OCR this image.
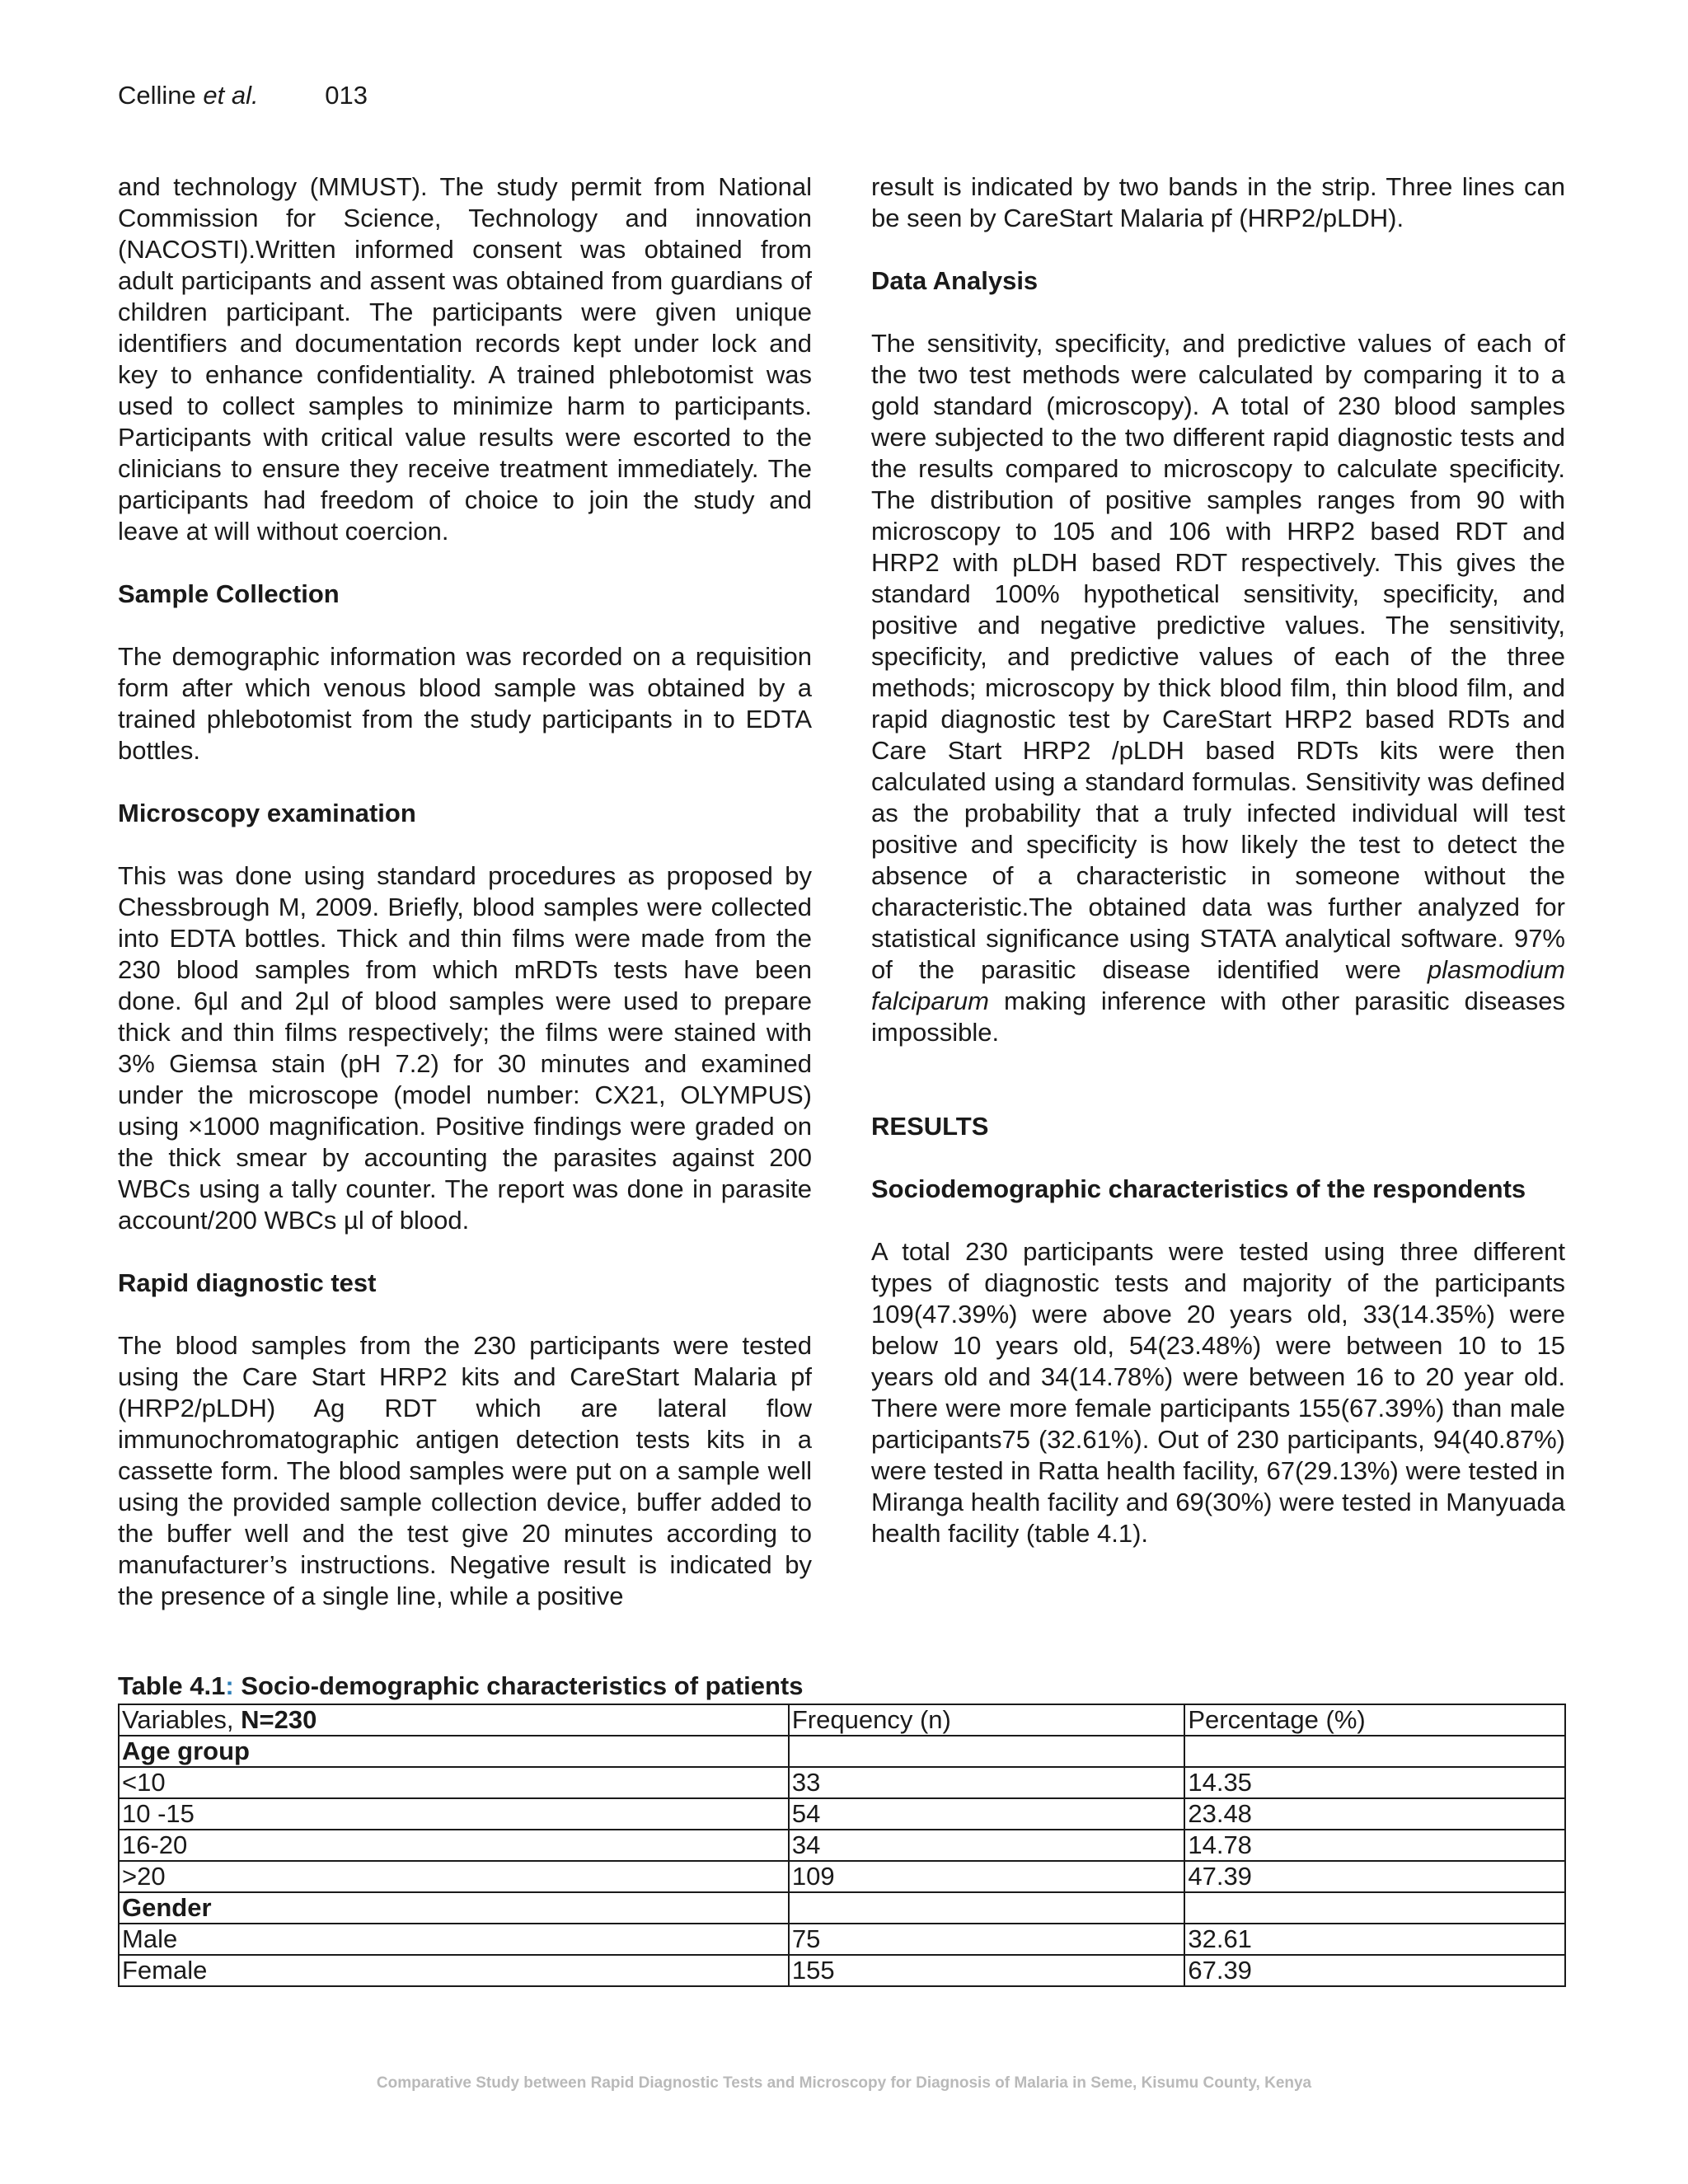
Celline et al.	013

and technology (MMUST). The study permit from National Commission for Science, Technology and innovation (NACOSTI).Written informed consent was obtained from adult participants and assent was obtained from guardians of children participant. The participants were given unique identifiers and documentation records kept under lock and key to enhance confidentiality. A trained phlebotomist was used to collect samples to minimize harm to participants. Participants with critical value results were escorted to the clinicians to ensure they receive treatment immediately. The participants had freedom of choice to join the study and leave at will without coercion.

Sample Collection

The demographic information was recorded on a requisition form after which venous blood sample was obtained by a trained phlebotomist from the study participants in to EDTA bottles.

Microscopy examination

This was done using standard procedures as proposed by Chessbrough M, 2009. Briefly, blood samples were collected into EDTA bottles. Thick and thin films were made from the 230 blood samples from which mRDTs tests have been done. 6µl and 2µl of blood samples were used to prepare thick and thin films respectively; the films were stained with 3% Giemsa stain (pH 7.2) for 30 minutes and examined under the microscope (model number: CX21, OLYMPUS) using ×1000 magnification. Positive findings were graded on the thick smear by accounting the parasites against 200 WBCs using a tally counter. The report was done in parasite account/200 WBCs µl of blood.

Rapid diagnostic test

The blood samples from the 230 participants were tested using the Care Start HRP2 kits and CareStart Malaria pf (HRP2/pLDH) Ag RDT which are lateral flow immunochromatographic antigen detection tests kits in a cassette form. The blood samples were put on a sample well using the provided sample collection device, buffer added to the buffer well and the test give 20 minutes according to manufacturer’s instructions. Negative result is indicated by the presence of a single line, while a positive

result is indicated by two bands in the strip. Three lines can be seen by CareStart Malaria pf (HRP2/pLDH).

Data Analysis

The sensitivity, specificity, and predictive values of each of the two test methods were calculated by comparing it to a gold standard (microscopy). A total of 230 blood samples were subjected to the two different rapid diagnostic tests and the results compared to microscopy to calculate specificity. The distribution of positive samples ranges from 90 with microscopy to 105 and 106 with HRP2 based RDT and HRP2 with pLDH based RDT respectively. This gives the standard 100% hypothetical sensitivity, specificity, and positive and negative predictive values. The sensitivity, specificity, and predictive values of each of the three methods; microscopy by thick blood film, thin blood film, and rapid diagnostic test by CareStart HRP2 based RDTs and Care Start HRP2 /pLDH based RDTs kits were then calculated using a standard formulas. Sensitivity was defined as the probability that a truly infected individual will test positive and specificity is how likely the test to detect the absence of a characteristic in someone without the characteristic.The obtained data was further analyzed for statistical significance using STATA analytical software. 97% of the parasitic disease identified were plasmodium falciparum making inference with other parasitic diseases impossible.

RESULTS
Sociodemographic characteristics of the respondents

A total 230 participants were tested using three different types of diagnostic tests and majority of the participants 109(47.39%) were above 20 years old, 33(14.35%) were below 10 years old, 54(23.48%) were between 10 to 15 years old and 34(14.78%) were between 16 to 20 year old. There were more female participants 155(67.39%) than male participants75 (32.61%). Out of 230 participants, 94(40.87%) were tested in Ratta health facility, 67(29.13%) were tested in Miranga health facility and 69(30%) were tested in Manyuada health facility (table 4.1).

Table 4.1: Socio-demographic characteristics of patients
Variables, N=230	Frequency (n)	Percentage (%)
Age group		
<10	33	14.35
10 -15	54	23.48
16-20	34	14.78
>20	109	47.39
Gender		
Male	75	32.61
Female	155	67.39
Comparative Study between Rapid Diagnostic Tests and Microscopy for Diagnosis of Malaria in Seme, Kisumu County, Kenya
